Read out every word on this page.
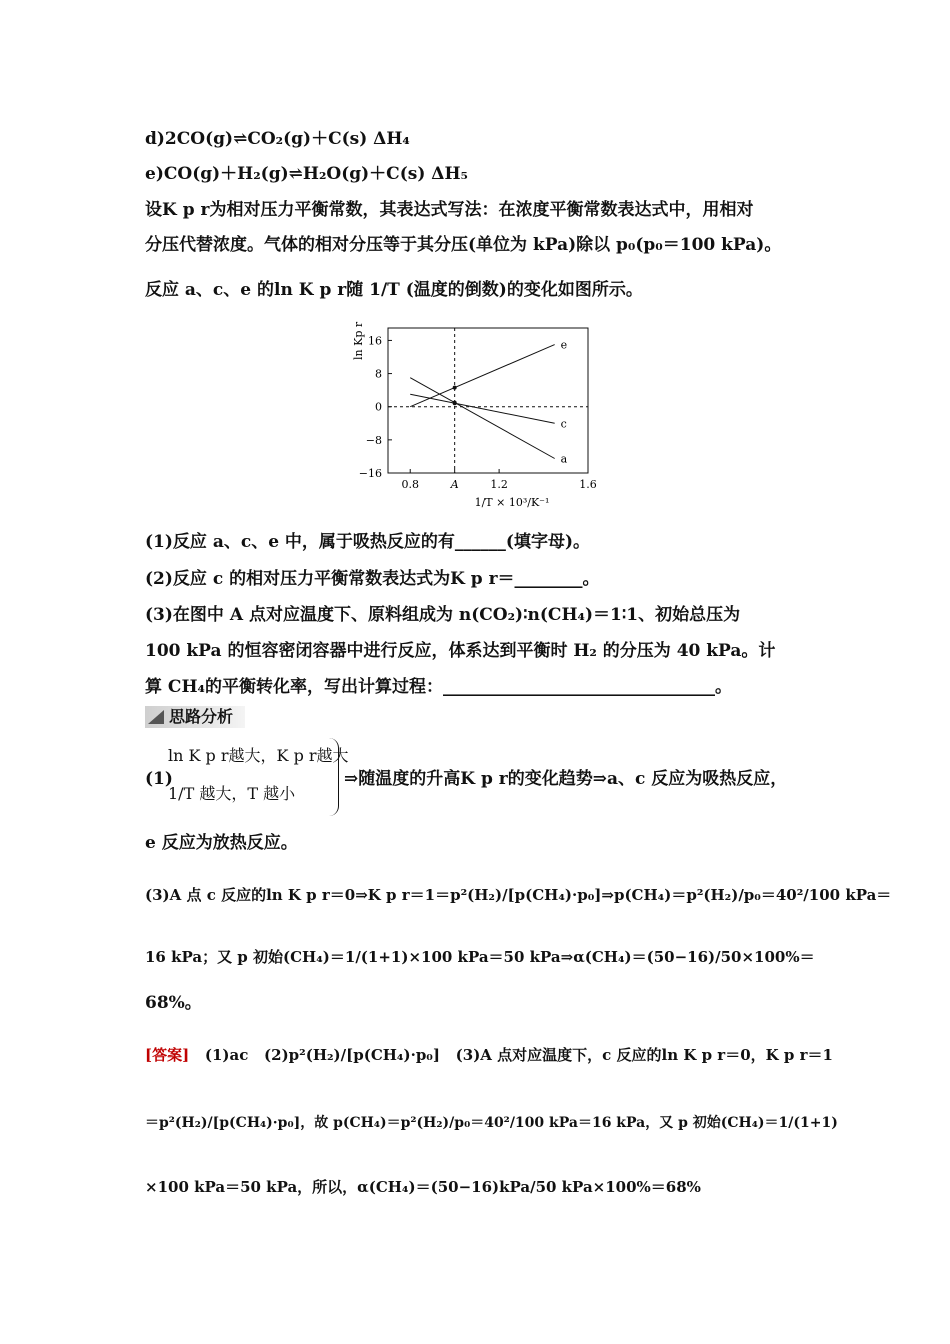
d)2CO(g)⇌CO₂(g)＋C(s) ΔH₄
e)CO(g)＋H₂(g)⇌H₂O(g)＋C(s) ΔH₅
设K p r为相对压力平衡常数，其表达式写法：在浓度平衡常数表达式中，用相对
分压代替浓度。气体的相对分压等于其分压(单位为 kPa)除以 p₀(p₀＝100 kPa)。
反应 a、c、e 的ln K p r随 1/T (温度的倒数)的变化如图所示。
16
8
0
−8
−16
0.8	A	1.2	1.6
e
c
a
ln Kp r
1/T × 10³/K⁻¹
(1)反应 a、c、e 中，属于吸热反应的有______(填字母)。
(2)反应 c 的相对压力平衡常数表达式为K p r＝________。
(3)在图中 A 点对应温度下、原料组成为 n(CO₂)∶n(CH₄)＝1∶1、初始总压为
100 kPa 的恒容密闭容器中进行反应，体系达到平衡时 H₂ 的分压为 40 kPa。计
算 CH₄的平衡转化率，写出计算过程：________________________________。
思路分析
(1)
ln K p r越大，K p r越大
1/T 越大，T 越小
⇒随温度的升高K p r的变化趋势⇒a、c 反应为吸热反应，
e 反应为放热反应。
(3)A 点 c 反应的ln K p r＝0⇒K p r＝1＝p²(H₂)/[p(CH₄)·p₀]⇒p(CH₄)＝p²(H₂)/p₀＝40²/100 kPa＝
16 kPa；又 p 初始(CH₄)＝1/(1+1)×100 kPa＝50 kPa⇒α(CH₄)＝(50−16)/50×100%＝
68%。
[答案] (1)ac (2)p²(H₂)/[p(CH₄)·p₀] (3)A 点对应温度下，c 反应的ln K p r＝0，K p r＝1
＝p²(H₂)/[p(CH₄)·p₀]，故 p(CH₄)＝p²(H₂)/p₀＝40²/100 kPa＝16 kPa，又 p 初始(CH₄)＝1/(1+1)
×100 kPa＝50 kPa，所以，α(CH₄)＝(50−16)kPa/50 kPa×100%＝68%
